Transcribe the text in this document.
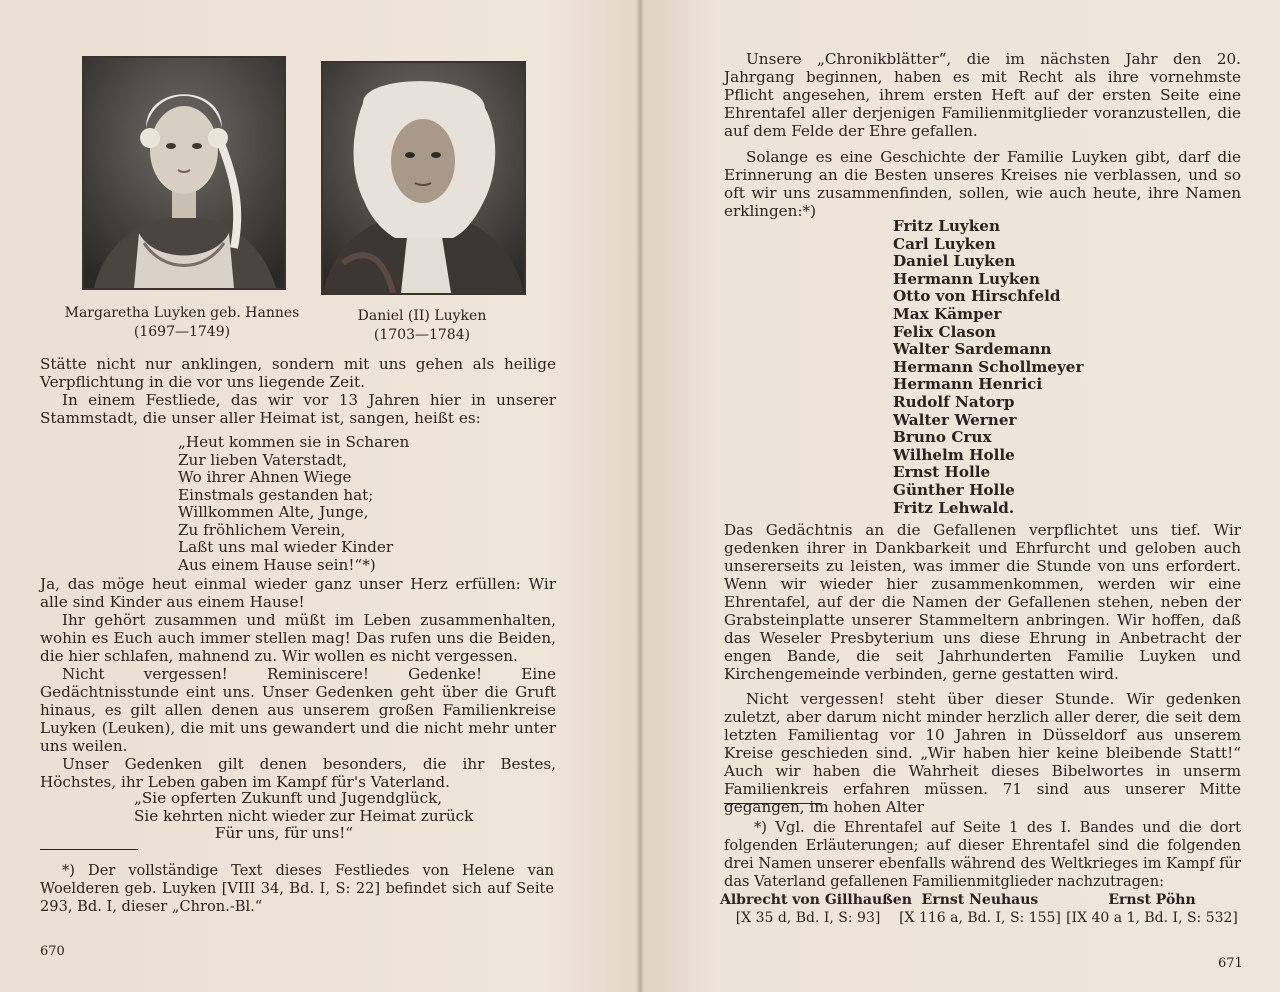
Margaretha Luyken geb. Hannes
(1697—1749)
Daniel (II) Luyken
(1703—1784)

Stätte nicht nur anklingen, sondern mit uns gehen als heilige Verpflichtung in die vor uns liegende Zeit.

In einem Festliede, das wir vor 13 Jahren hier in unserer Stammstadt, die unser aller Heimat ist, sangen, heißt es:

„Heut kommen sie in Scharen
Zur lieben Vaterstadt,
Wo ihrer Ahnen Wiege
Einstmals gestanden hat;
Willkommen Alte, Junge,
Zu fröhlichem Verein,
Laßt uns mal wieder Kinder
Aus einem Hause sein!“*)

Ja, das möge heut einmal wieder ganz unser Herz erfüllen: Wir alle sind Kinder aus einem Hause!

Ihr gehört zusammen und müßt im Leben zusammenhalten, wohin es Euch auch immer stellen mag! Das rufen uns die Beiden, die hier schlafen, mahnend zu. Wir wollen es nicht vergessen.

Nicht vergessen! Reminiscere! Gedenke! Eine Gedächtnisstunde eint uns. Unser Gedenken geht über die Gruft hinaus, es gilt allen denen aus unserem großen Familienkreise Luyken (Leuken), die mit uns gewandert und die nicht mehr unter uns weilen.

Unser Gedenken gilt denen besonders, die ihr Bestes, Höchstes, ihr Leben gaben im Kampf für's Vaterland.

„Sie opferten Zukunft und Jugendglück,
Sie kehrten nicht wieder zur Heimat zurück
Für uns, für uns!“
*) Der vollständige Text dieses Festliedes von Helene van Woelderen geb. Luyken [VIII 34, Bd. I, S: 22] befindet sich auf Seite 293, Bd. I, dieser „Chron.-Bl.“
670

Unsere „Chronikblätter“, die im nächsten Jahr den 20. Jahrgang beginnen, haben es mit Recht als ihre vornehmste Pflicht angesehen, ihrem ersten Heft auf der ersten Seite eine Ehrentafel aller derjenigen Familienmitglieder voranzustellen, die auf dem Felde der Ehre gefallen.

Solange es eine Geschichte der Familie Luyken gibt, darf die Erinnerung an die Besten unseres Kreises nie verblassen, und so oft wir uns zusammenfinden, sollen, wie auch heute, ihre Namen erklingen:*)

Fritz Luyken
Carl Luyken
Daniel Luyken
Hermann Luyken
Otto von Hirschfeld
Max Kämper
Felix Clason
Walter Sardemann
Hermann Schollmeyer
Hermann Henrici
Rudolf Natorp
Walter Werner
Bruno Crux
Wilhelm Holle
Ernst Holle
Günther Holle
Fritz Lehwald.

Das Gedächtnis an die Gefallenen verpflichtet uns tief. Wir gedenken ihrer in Dankbarkeit und Ehrfurcht und geloben auch unsererseits zu leisten, was immer die Stunde von uns erfordert. Wenn wir wieder hier zusammenkommen, werden wir eine Ehrentafel, auf der die Namen der Gefallenen stehen, neben der Grabsteinplatte unserer Stammeltern anbringen. Wir hoffen, daß das Weseler Presbyterium uns diese Ehrung in Anbetracht der engen Bande, die seit Jahrhunderten Familie Luyken und Kirchengemeinde verbinden, gerne gestatten wird.

Nicht vergessen! steht über dieser Stunde. Wir gedenken zuletzt, aber darum nicht minder herzlich aller derer, die seit dem letzten Familientag vor 10 Jahren in Düsseldorf aus unserem Kreise geschieden sind. „Wir haben hier keine bleibende Statt!“ Auch wir haben die Wahrheit dieses Bibelwortes in unserm Familienkreis erfahren müssen. 71 sind aus unserer Mitte gegangen, im hohen Alter

*) Vgl. die Ehrentafel auf Seite 1 des I. Bandes und die dort folgenden Erläuterungen; auf dieser Ehrentafel sind die folgenden drei Namen unserer ebenfalls während des Weltkrieges im Kampf für das Vaterland gefallenen Familienmitglieder nachzutragen:
Albrecht von Gillhaußen
[X 35 d, Bd. I, S: 93]
Ernst Neuhaus
[X 116 a, Bd. I, S: 155]
Ernst Pöhn
[IX 40 a 1, Bd. I, S: 532]
671
